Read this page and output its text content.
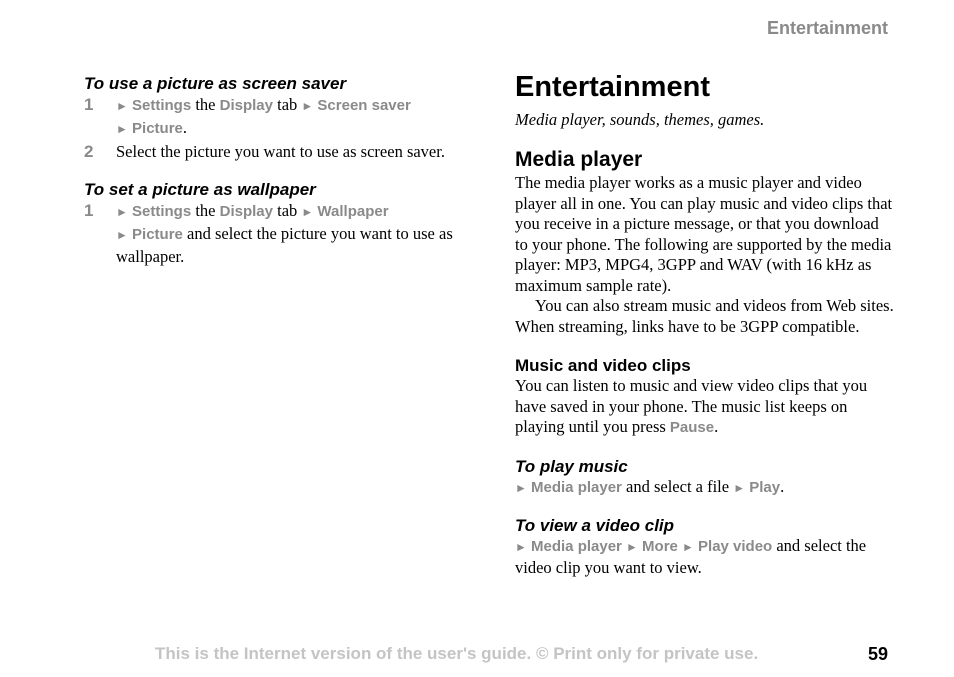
Entertainment
To use a picture as screen saver
1 ► Settings the Display tab ► Screen saver
► Picture.
2 Select the picture you want to use as screen saver.
To set a picture as wallpaper
1 ► Settings the Display tab ► Wallpaper
► Picture and select the picture you want to use as wallpaper.
Entertainment
Media player, sounds, themes, games.
Media player

The media player works as a music player and video player all in one. You can play music and video clips that you receive in a picture message, or that you download to your phone. The following are supported by the media player: MP3, MPG4, 3GPP and WAV (with 16 kHz as maximum sample rate).

You can also stream music and videos from Web sites. When streaming, links have to be 3GPP compatible.

Music and video clips

You can listen to music and view video clips that you have saved in your phone. The music list keeps on playing until you press Pause.

To play music

► Media player and select a file ► Play.

To view a video clip

► Media player ► More ► Play video and select the video clip you want to view.

This is the Internet version of the user's guide. © Print only for private use.	59
